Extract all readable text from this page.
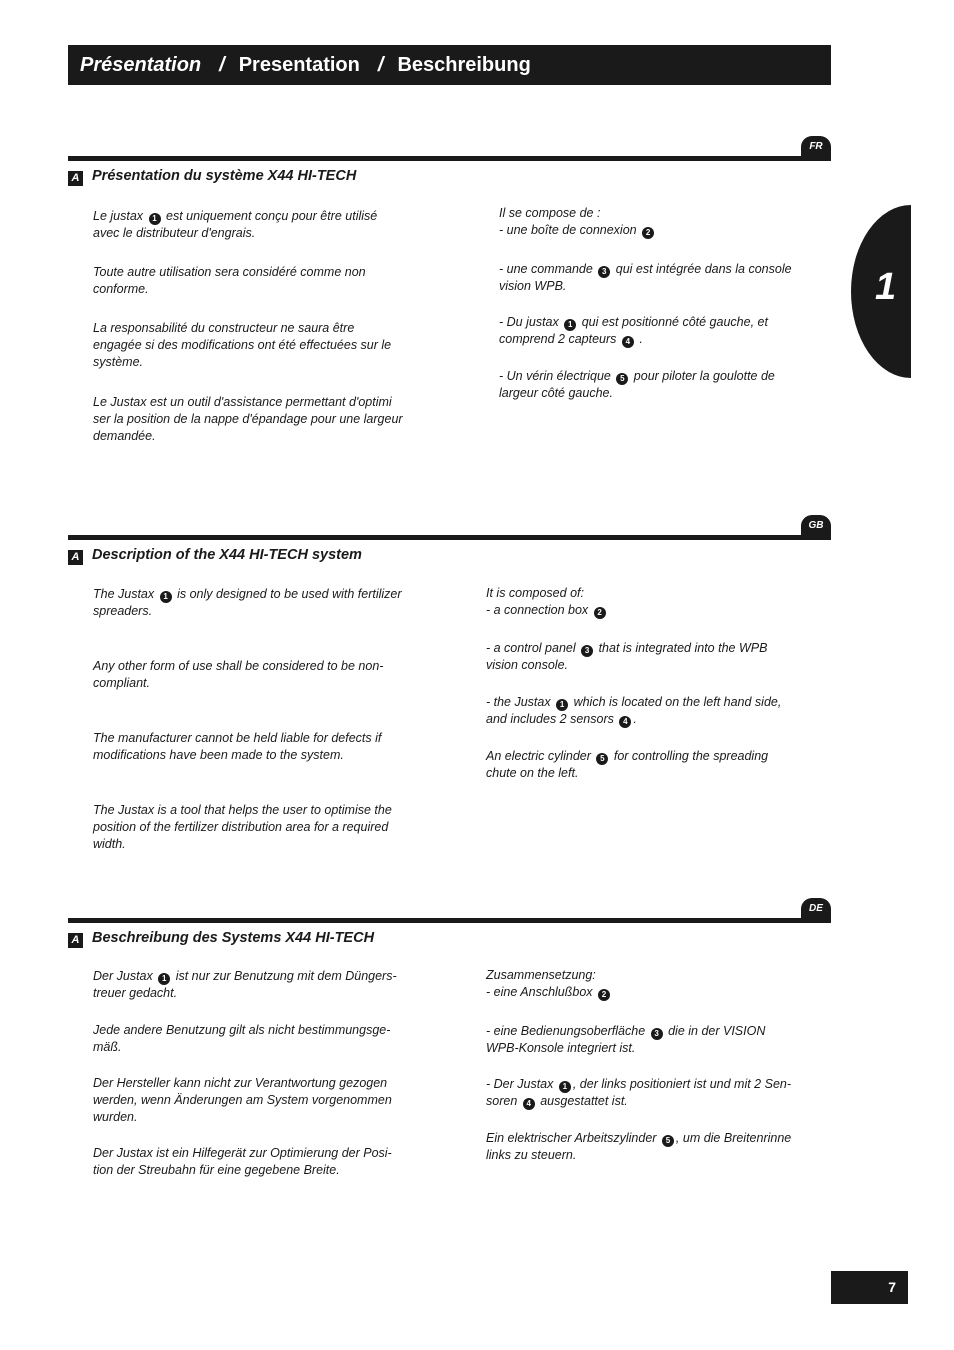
Présentation / Presentation / Beschreibung
1
FR
A Présentation du système X44 HI-TECH
Le justax 1 est uniquement conçu pour être utilisé
avec le distributeur d'engrais.
Toute autre utilisation sera considéré comme non
conforme.
La responsabilité du constructeur ne saura être
engagée si des modifications ont été effectuées sur le
système.
Le Justax est un outil d'assistance permettant d'optimi
ser la position de la nappe d'épandage pour une largeur
demandée.
Il se compose de :
- une boîte de connexion 2
- une commande 3 qui est intégrée dans la console
vision WPB.
- Du justax 1 qui est positionné côté gauche, et
comprend 2 capteurs 4 .
- Un vérin électrique 5 pour piloter la goulotte de
largeur côté gauche.
GB
A Description of the X44 HI-TECH system
The Justax 1 is only designed to be used with fertilizer
spreaders.
Any other form of use shall be considered to be non-
compliant.
The manufacturer cannot be held liable for defects if
modifications have been made to the system.
The Justax is a tool that helps the user to optimise the
position of the fertilizer distribution area for a required
width.
It is composed of:
- a connection box 2
- a control panel 3 that is integrated into the WPB
vision console.
- the Justax 1 which is located on the left hand side,
and includes 2 sensors 4 .
An electric cylinder 5 for controlling the spreading
chute on the left.
DE
A Beschreibung des Systems X44 HI-TECH
Der Justax 1 ist nur zur Benutzung mit dem Düngers-
treuer gedacht.
Jede andere Benutzung gilt als nicht bestimmungsge-
mäß.
Der Hersteller kann nicht zur Verantwortung gezogen
werden, wenn Änderungen am System vorgenommen
wurden.
Der Justax ist ein Hilfegerät zur Optimierung der Posi-
tion der Streubahn für eine gegebene Breite.
Zusammensetzung:
- eine Anschlußbox 2
- eine Bedienungsoberfläche 3 die in der VISION
WPB-Konsole integriert ist.
- Der Justax 1 , der links positioniert ist und mit 2 Sen-
soren 4 ausgestattet ist.
Ein elektrischer Arbeitszylinder 5 , um die Breitenrinne
links zu steuern.
7
